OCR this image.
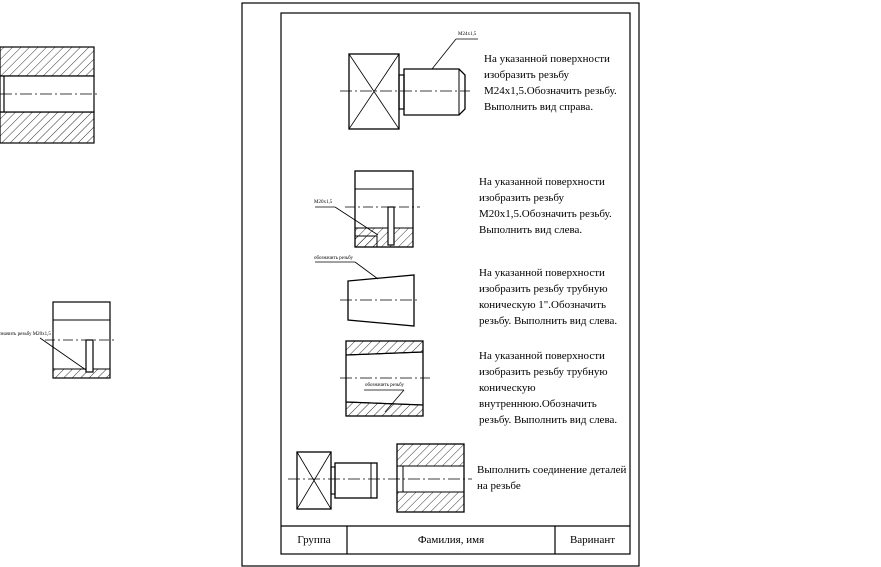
M24x1,5
M20x1,5
обозначить резьбу
обозначить резьбу
значить резьбу M20x1,5
На указанной поверхности
изобразить резьбу
M24x1,5.Обозначить резьбу.
Выполнить вид справа.
На указанной поверхности
изобразить резьбу
M20x1,5.Обозначить резьбу.
Выполнить вид слева.
На указанной поверхности
изобразить резьбу трубную
коническую 1".Обозначить
резьбу. Выполнить вид слева.
На указанной поверхности
изобразить резьбу трубную
коническую
внутреннюю.Обозначить
резьбу. Выполнить вид слева.
Выполнить соединение деталей
на резьбе
Группа	Фамилия, имя	Варинант
